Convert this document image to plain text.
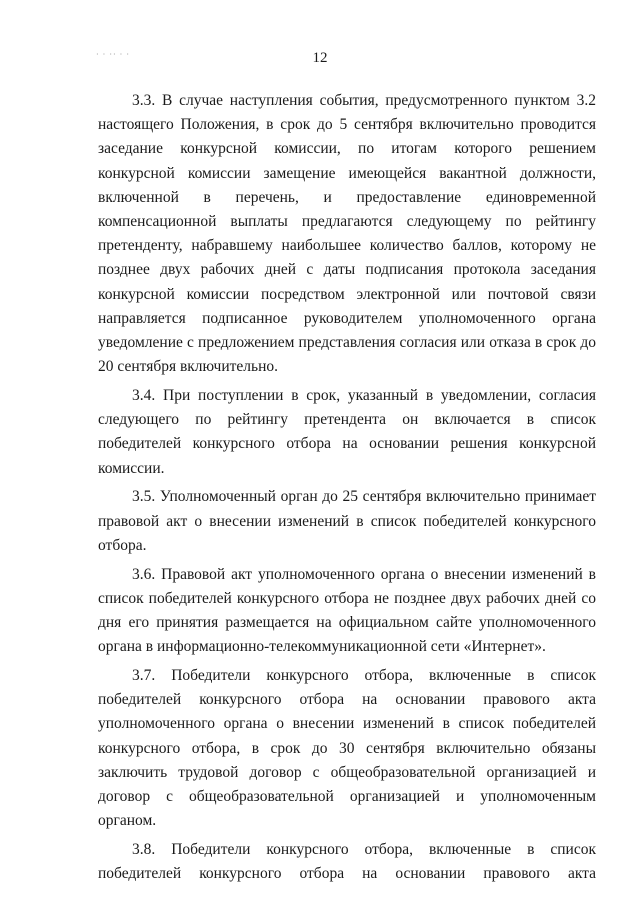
· · ·· · ·	12

3.3. В случае наступления события, предусмотренного пунктом 3.2 настоящего Положения, в срок до 5 сентября включительно проводится заседание конкурсной комиссии, по итогам которого решением конкурсной комиссии замещение имеющейся вакантной должности, включенной в перечень, и предоставление единовременной компенсационной выплаты предлагаются следующему по рейтингу претенденту, набравшему наибольшее количество баллов, которому не позднее двух рабочих дней с даты подписания протокола заседания конкурсной комиссии посредством электронной или почтовой связи направляется подписанное руководителем уполномоченного органа уведомление с предложением представления согласия или отказа в срок до 20 сентября включительно.

3.4. При поступлении в срок, указанный в уведомлении, согласия следующего по рейтингу претендента он включается в список победителей конкурсного отбора на основании решения конкурсной комиссии.

3.5. Уполномоченный орган до 25 сентября включительно принимает правовой акт о внесении изменений в список победителей конкурсного отбора.

3.6. Правовой акт уполномоченного органа о внесении изменений в список победителей конкурсного отбора не позднее двух рабочих дней со дня его принятия размещается на официальном сайте уполномоченного органа в информационно-телекоммуникационной сети «Интернет».

3.7. Победители конкурсного отбора, включенные в список победителей конкурсного отбора на основании правового акта уполномоченного органа о внесении изменений в список победителей конкурсного отбора, в срок до 30 сентября включительно обязаны заключить трудовой договор с общеобразовательной организацией и договор с общеобразовательной организацией и уполномоченным органом.

3.8. Победители конкурсного отбора, включенные в список победителей конкурсного отбора на основании правового акта
